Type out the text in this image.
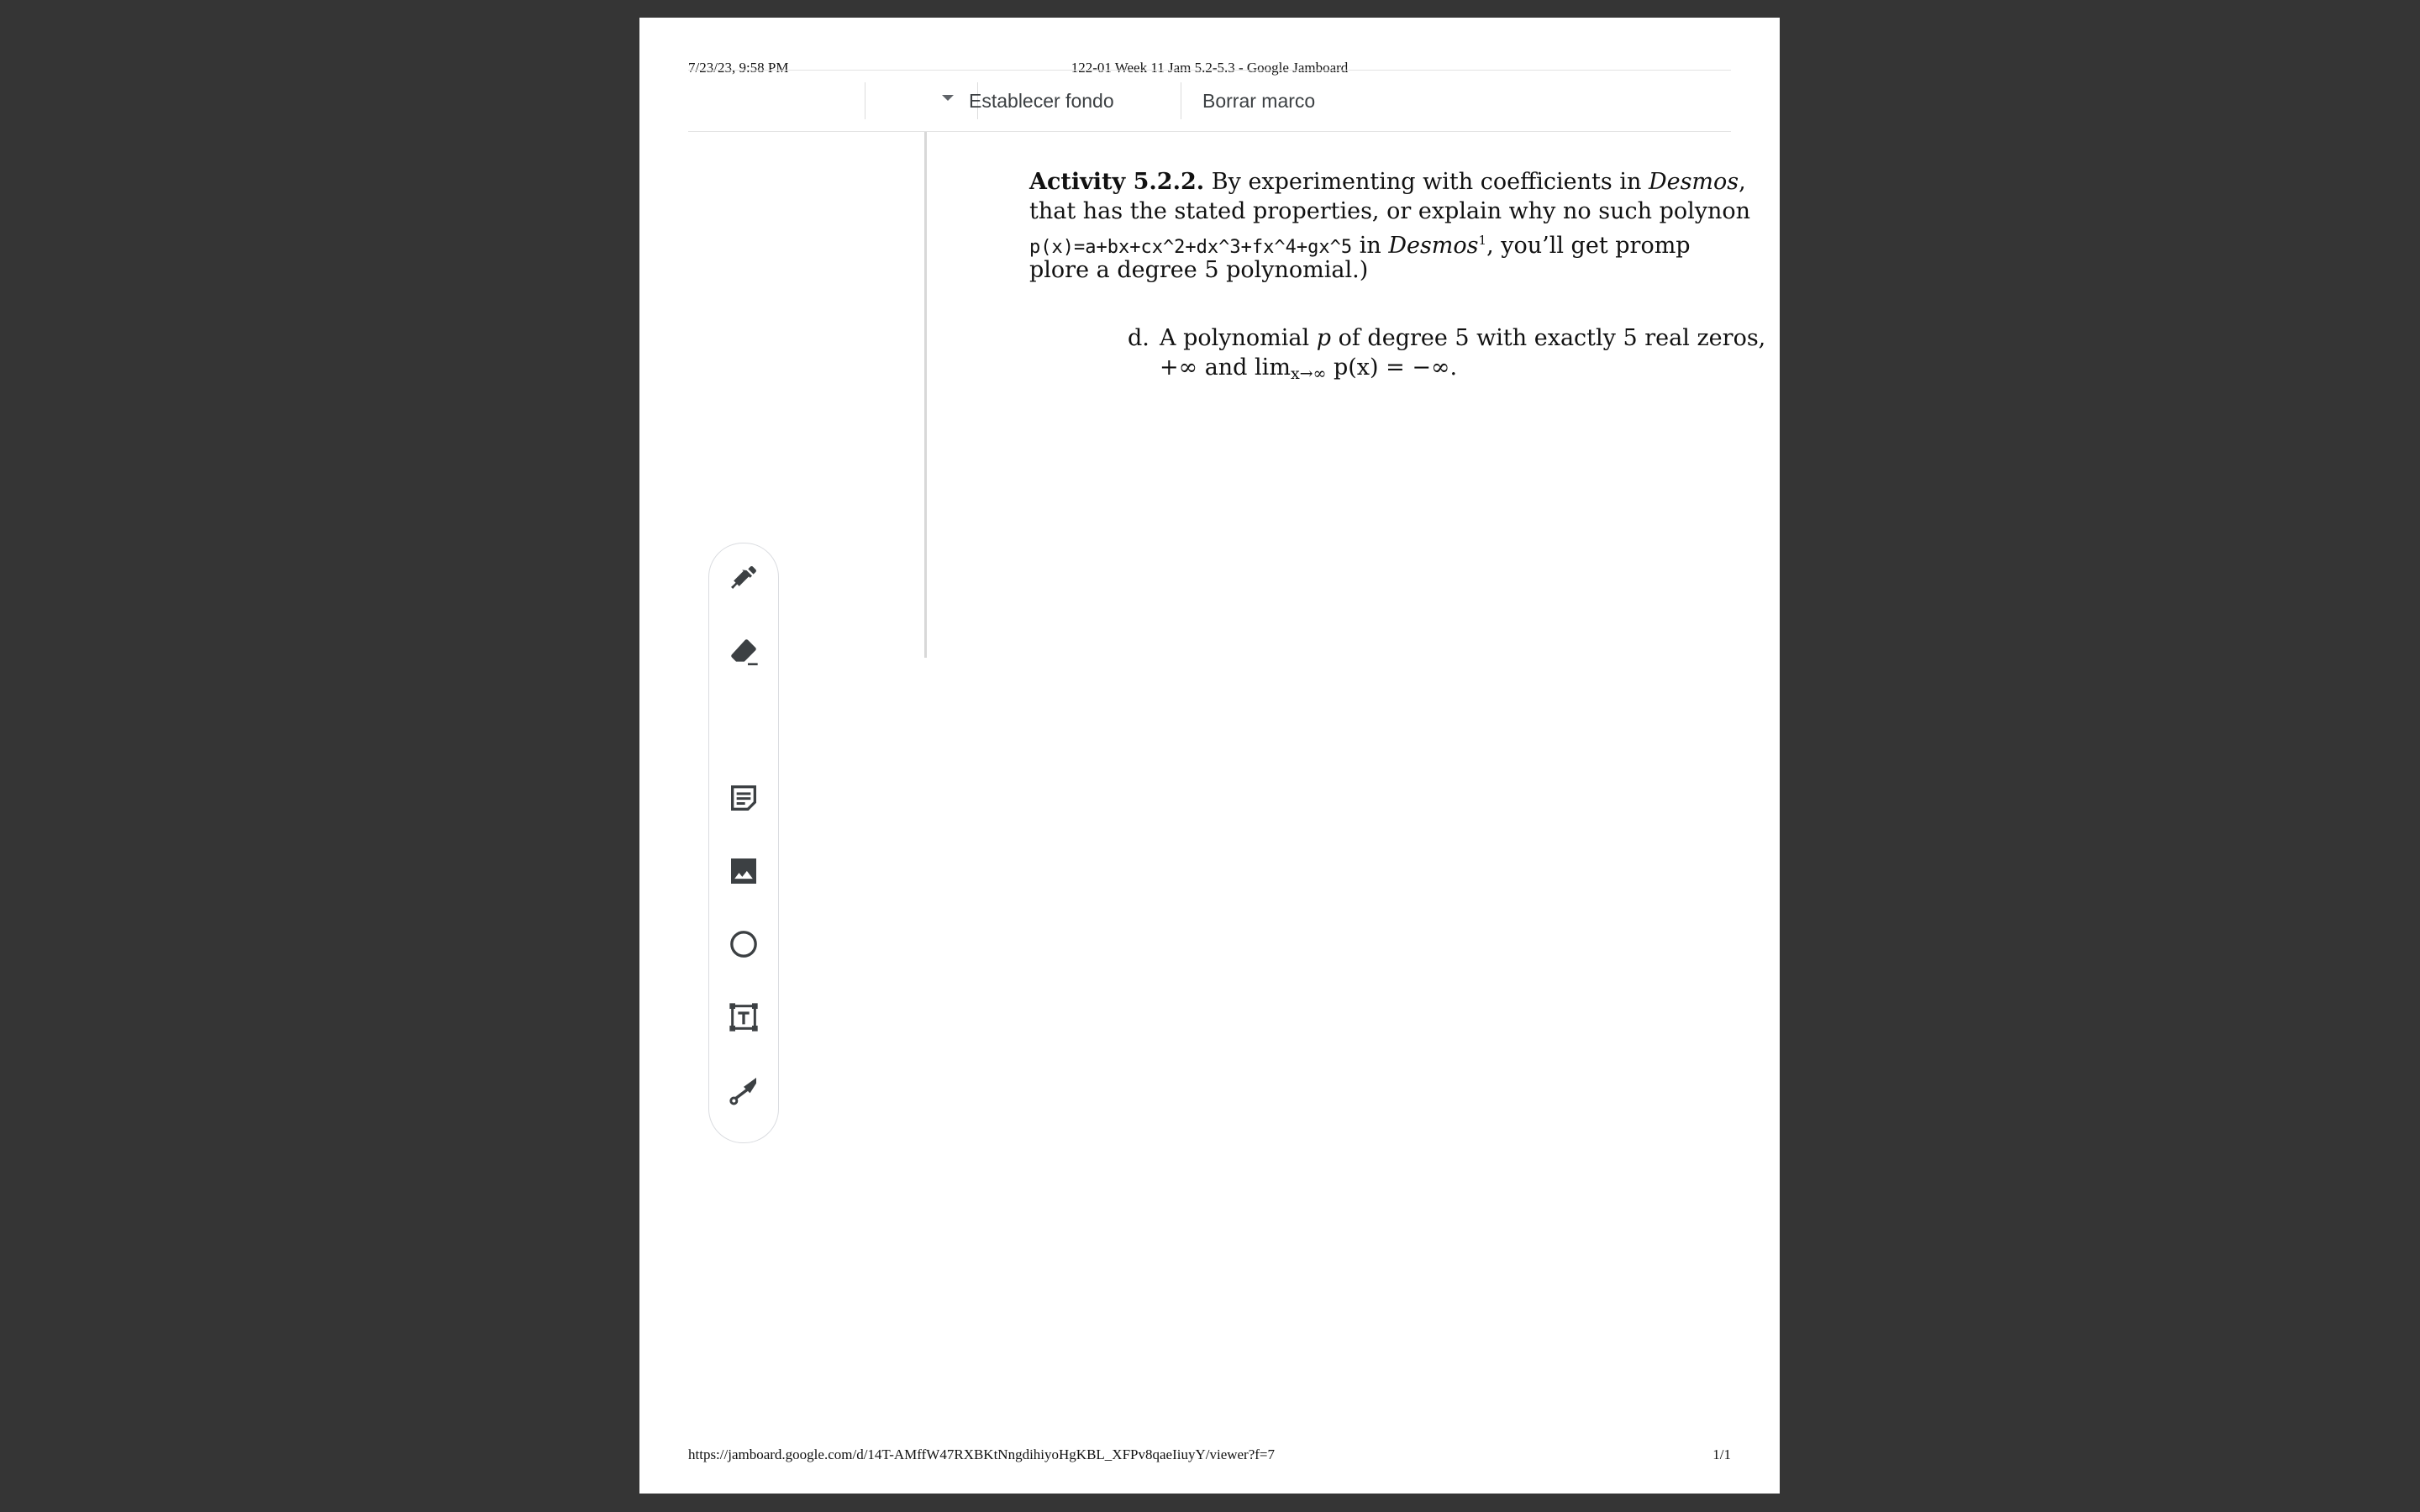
7/23/23, 9:58 PM	122-01 Week 11 Jam 5.2-5.3 - Google Jamboard
Establecer fondo	Borrar marco
Activity 5.2.2. By experimenting with coefficients in Desmos,
that has the stated properties, or explain why no such polynon
p(x)=a+bx+cx^2+dx^3+fx^4+gx^5 in Desmos$^1$, you’ll get promp
plore a degree 5 polynomial.)
d. A polynomial p of degree 5 with exactly 5 real zeros,
+∞ and $\lim_{x\to\infty} p(x)$ = −∞.
https://jamboard.google.com/d/14T-AMffW47RXBKtNngdihiyoHgKBL_XFPv8qaeIiuyY/viewer?f=7	1/1
